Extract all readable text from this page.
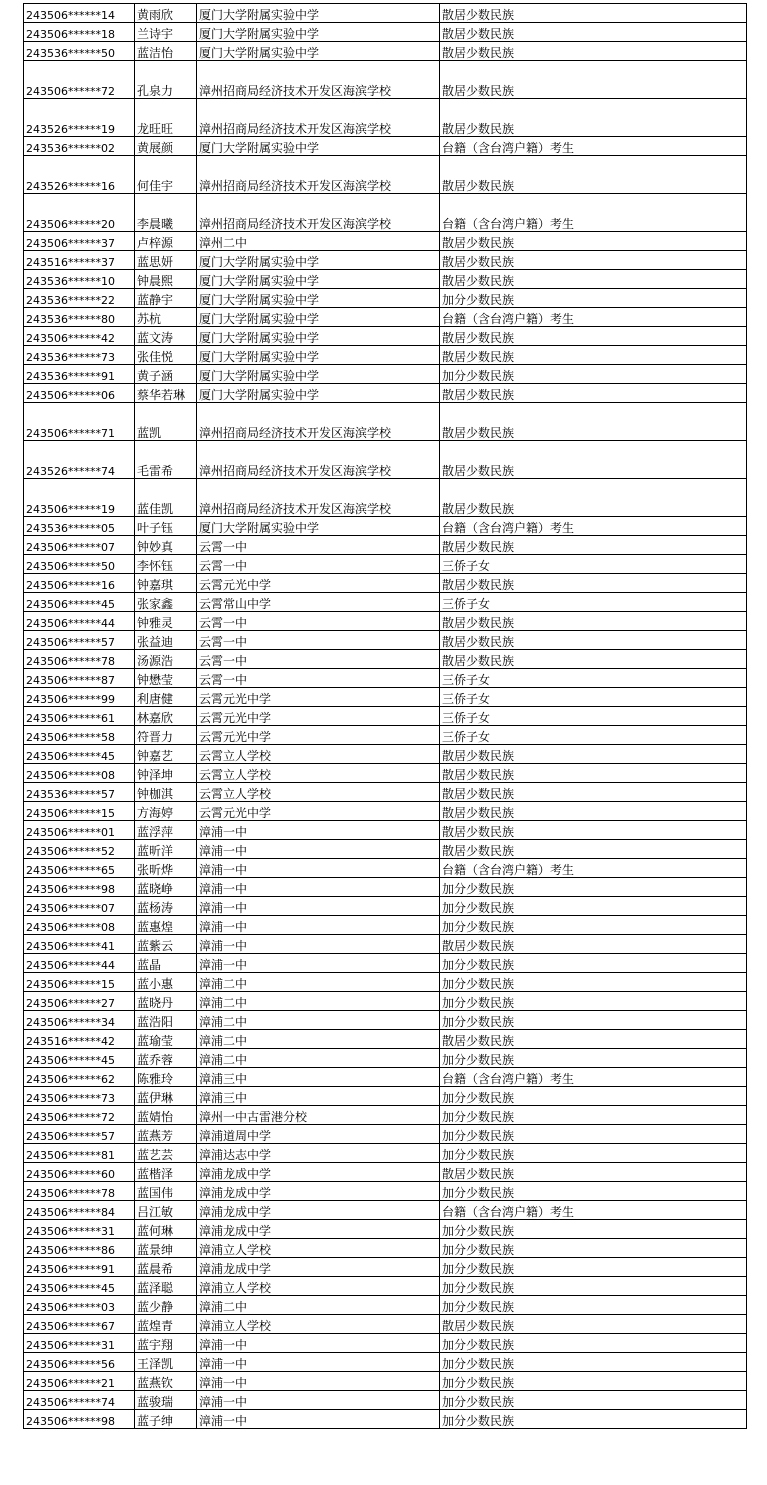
243506******14	黄雨欣	厦门大学附属实验中学	散居少数民族
243506******18	兰诗宇	厦门大学附属实验中学	散居少数民族
243536******50	蓝洁怡	厦门大学附属实验中学	散居少数民族
243506******72	孔泉力	漳州招商局经济技术开发区海滨学校	散居少数民族
243526******19	龙旺旺	漳州招商局经济技术开发区海滨学校	散居少数民族
243536******02	黄展颜	厦门大学附属实验中学	台籍（含台湾户籍）考生
243526******16	何佳宇	漳州招商局经济技术开发区海滨学校	散居少数民族
243506******20	李晨曦	漳州招商局经济技术开发区海滨学校	台籍（含台湾户籍）考生
243506******37	卢梓源	漳州二中	散居少数民族
243516******37	蓝思妍	厦门大学附属实验中学	散居少数民族
243536******10	钟晨熙	厦门大学附属实验中学	散居少数民族
243536******22	蓝静宇	厦门大学附属实验中学	加分少数民族
243536******80	苏杭	厦门大学附属实验中学	台籍（含台湾户籍）考生
243506******42	蓝文涛	厦门大学附属实验中学	散居少数民族
243536******73	张佳悦	厦门大学附属实验中学	散居少数民族
243536******91	黄子涵	厦门大学附属实验中学	加分少数民族
243506******06	蔡华若琳	厦门大学附属实验中学	散居少数民族
243506******71	蓝凯	漳州招商局经济技术开发区海滨学校	散居少数民族
243526******74	毛雷希	漳州招商局经济技术开发区海滨学校	散居少数民族
243506******19	蓝佳凯	漳州招商局经济技术开发区海滨学校	散居少数民族
243536******05	叶子钰	厦门大学附属实验中学	台籍（含台湾户籍）考生
243506******07	钟妙真	云霄一中	散居少数民族
243506******50	李怀钰	云霄一中	三侨子女
243506******16	钟嘉琪	云霄元光中学	散居少数民族
243506******45	张家鑫	云霄常山中学	三侨子女
243506******44	钟雅灵	云霄一中	散居少数民族
243506******57	张益迪	云霄一中	散居少数民族
243506******78	汤源浩	云霄一中	散居少数民族
243506******87	钟懋莹	云霄一中	三侨子女
243506******99	利唐健	云霄元光中学	三侨子女
243506******61	林嘉欣	云霄元光中学	三侨子女
243506******58	符晋力	云霄元光中学	三侨子女
243506******45	钟嘉艺	云霄立人学校	散居少数民族
243506******08	钟泽坤	云霄立人学校	散居少数民族
243536******57	钟枷淇	云霄立人学校	散居少数民族
243506******15	方海婷	云霄元光中学	散居少数民族
243506******01	蓝浮萍	漳浦一中	散居少数民族
243506******52	蓝昕洋	漳浦一中	散居少数民族
243506******65	张昕烨	漳浦一中	台籍（含台湾户籍）考生
243506******98	蓝晓峥	漳浦一中	加分少数民族
243506******07	蓝杨涛	漳浦一中	加分少数民族
243506******08	蓝惠煌	漳浦一中	加分少数民族
243506******41	蓝紫云	漳浦一中	散居少数民族
243506******44	蓝晶	漳浦一中	加分少数民族
243506******15	蓝小惠	漳浦二中	加分少数民族
243506******27	蓝晓丹	漳浦二中	加分少数民族
243506******34	蓝浩阳	漳浦二中	加分少数民族
243516******42	蓝瑜莹	漳浦二中	散居少数民族
243506******45	蓝乔蓉	漳浦二中	加分少数民族
243506******62	陈雅玲	漳浦三中	台籍（含台湾户籍）考生
243506******73	蓝伊琳	漳浦三中	加分少数民族
243506******72	蓝婧怡	漳州一中古雷港分校	加分少数民族
243506******57	蓝燕芳	漳浦道周中学	加分少数民族
243506******81	蓝艺芸	漳浦达志中学	加分少数民族
243506******60	蓝楷泽	漳浦龙成中学	散居少数民族
243506******78	蓝国伟	漳浦龙成中学	加分少数民族
243506******84	吕江敏	漳浦龙成中学	台籍（含台湾户籍）考生
243506******31	蓝何琳	漳浦龙成中学	加分少数民族
243506******86	蓝景绅	漳浦立人学校	加分少数民族
243506******91	蓝晨希	漳浦龙成中学	加分少数民族
243506******45	蓝泽聪	漳浦立人学校	加分少数民族
243506******03	蓝少静	漳浦二中	加分少数民族
243506******67	蓝煌青	漳浦立人学校	散居少数民族
243506******31	蓝宇翔	漳浦一中	加分少数民族
243506******56	王泽凯	漳浦一中	加分少数民族
243506******21	蓝燕钦	漳浦一中	加分少数民族
243506******74	蓝骏瑞	漳浦一中	加分少数民族
243506******98	蓝子绅	漳浦一中	加分少数民族
